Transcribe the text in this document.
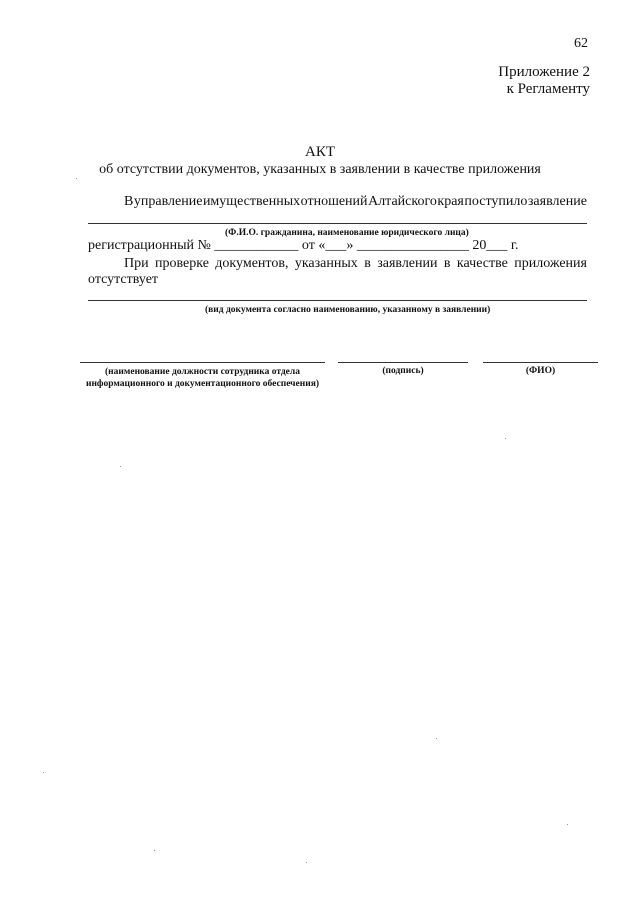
62
Приложение 2
к Регламенту
АКТ
об отсутствии документов, указанных в заявлении в качестве приложения
В управление имущественных отношений Алтайского края поступило заявление
(Ф.И.О. гражданина, наименование юридического лица)
регистрационный № ____________ от «___» ________________ 20___ г.
При проверке документов, указанных в заявлении в качестве приложения
отсутствует
(вид документа согласно наименованию, указанному в заявлении)
(наименование должности сотрудника отдела информационного и документационного обеспечения)
(подпись)	(ФИО)
